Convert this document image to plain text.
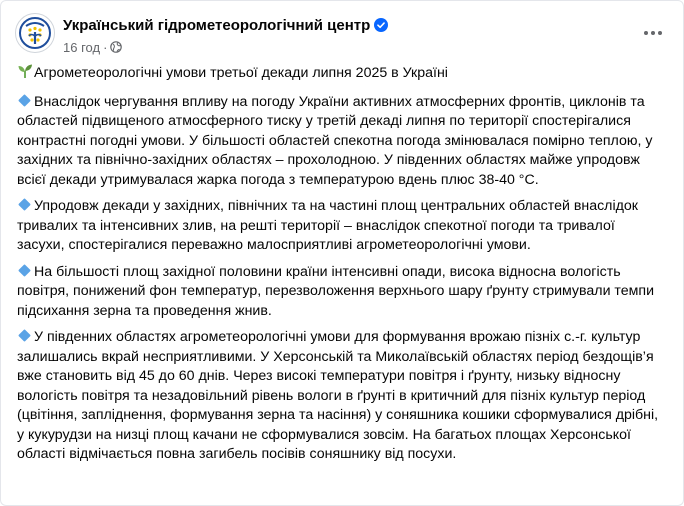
Український гідрометеорологічний центр
16 год ·

Агрометеорологічні умови третьої декади липня 2025 в Україні

Внаслідок чергування впливу на погоду України активних атмосферних фронтів, циклонів та областей підвищеного атмосферного тиску у третій декаді липня по території спостерігалися контрастні погодні умови. У більшості областей спекотна погода змінювалася помірно теплою, у західних та північно-західних областях – прохолодною. У південних областях майже упродовж всієї декади утримувалася жарка погода з температурою вдень плюс 38-40 °С.

Упродовж декади у західних, північних та на частині площ центральних областей внаслідок тривалих та інтенсивних злив, на решті території – внаслідок спекотної погоди та тривалої засухи, спостерігалися переважно малосприятливі агрометеорологічні умови.

На більшості площ західної половини країни інтенсивні опади, висока відносна вологість повітря, понижений фон температур, перезволоження верхнього шару ґрунту стримували темпи підсихання зерна та проведення жнив.

У південних областях агрометеорологічні умови для формування врожаю пізніх с.-г. культур залишались вкрай несприятливими. У Херсонській та Миколаївській областях період бездощів’я вже становить від 45 до 60 днів. Через високі температури повітря і ґрунту, низьку відносну вологість повітря та незадовільний рівень вологи в ґрунті в критичний для пізніх культур період (цвітіння, запліднення, формування зерна та насіння) у соняшника кошики сформувалися дрібні, у кукурудзи на низці площ качани не сформувалися зовсім. На багатьох площах Херсонської області відмічається повна загибель посівів соняшнику від посухи.
